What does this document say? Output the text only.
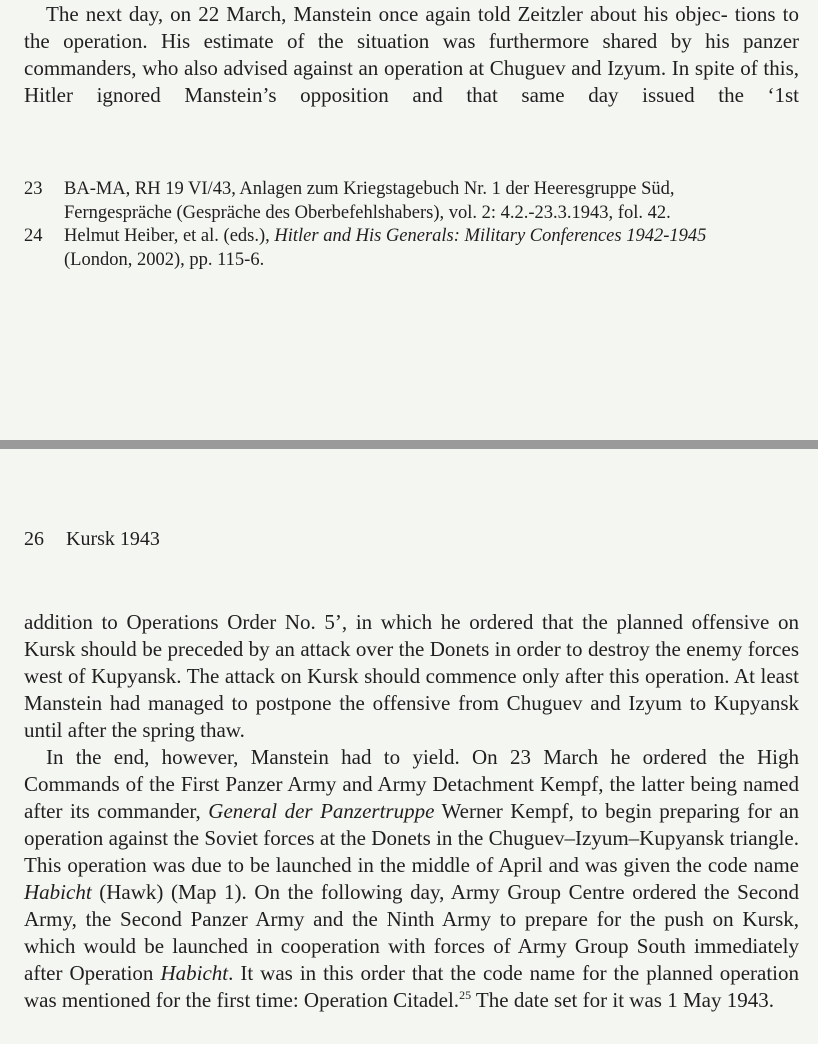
The next day, on 22 March, Manstein once again told Zeitzler about his objec- tions to the operation. His estimate of the situation was furthermore shared by his panzer commanders, who also advised against an operation at Chuguev and Izyum. In spite of this, Hitler ignored Manstein’s opposition and that same day issued the ‘1st

23	BA-MA, RH 19 VI/43, Anlagen zum Kriegstagebuch Nr. 1 der Heeresgruppe Süd,
Ferngespräche (Gespräche des Oberbefehlshabers), vol. 2: 4.2.-23.3.1943, fol. 42.
24	Helmut Heiber, et al. (eds.), Hitler and His Generals: Military Conferences 1942-1945
(London, 2002), pp. 115-6.
26 Kursk 1943

addition to Operations Order No. 5’, in which he ordered that the planned offensive on Kursk should be preceded by an attack over the Donets in order to destroy the enemy forces west of Kupyansk. The attack on Kursk should commence only after this operation. At least Manstein had managed to postpone the offensive from Chuguev and Izyum to Kupyansk until after the spring thaw.

In the end, however, Manstein had to yield. On 23 March he ordered the High Commands of the First Panzer Army and Army Detachment Kempf, the latter being named after its commander, General der Panzertruppe Werner Kempf, to begin preparing for an operation against the Soviet forces at the Donets in the Chuguev–Izyum–Kupyansk triangle. This operation was due to be launched in the middle of April and was given the code name Habicht (Hawk) (Map 1). On the following day, Army Group Centre ordered the Second Army, the Second Panzer Army and the Ninth Army to prepare for the push on Kursk, which would be launched in cooperation with forces of Army Group South immediately after Operation Habicht. It was in this order that the code name for the planned operation was mentioned for the first time: Operation Citadel.$^{25}$ The date set for it was 1 May 1943.
